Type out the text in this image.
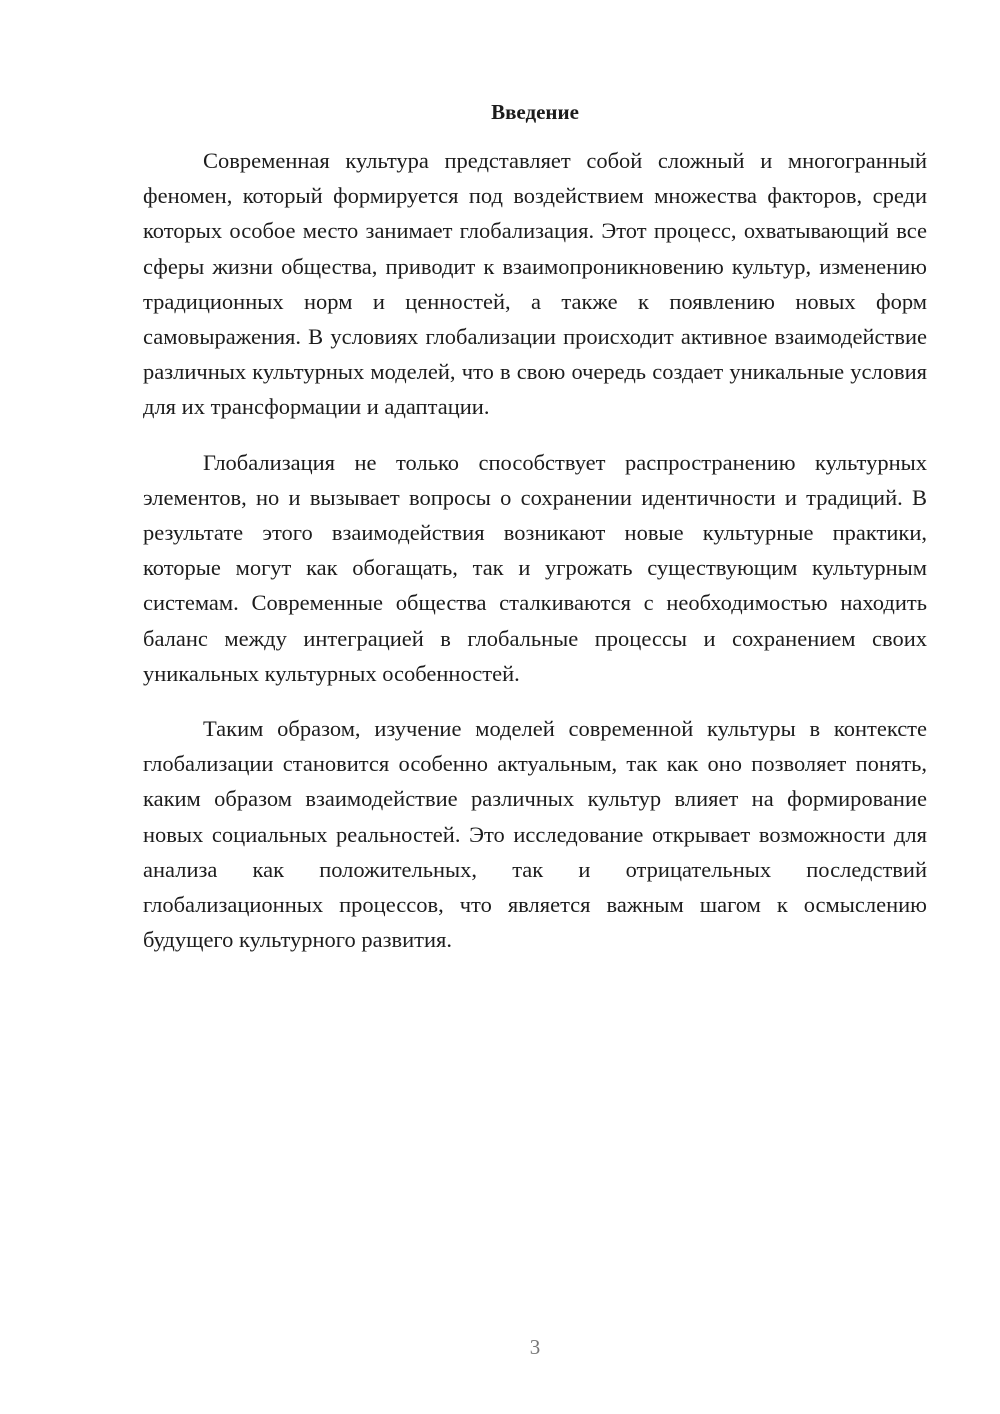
Введение

Современная культура представляет собой сложный и многогранный феномен, который формируется под воздействием множества факторов, среди которых особое место занимает глобализация. Этот процесс, охватывающий все сферы жизни общества, приводит к взаимопроникновению культур, изменению традиционных норм и ценностей, а также к появлению новых форм самовыражения. В условиях глобализации происходит активное взаимодействие различных культурных моделей, что в свою очередь создает уникальные условия для их трансформации и адаптации.

Глобализация не только способствует распространению культурных элементов, но и вызывает вопросы о сохранении идентичности и традиций. В результате этого взаимодействия возникают новые культурные практики, которые могут как обогащать, так и угрожать существующим культурным системам. Современные общества сталкиваются с необходимостью находить баланс между интеграцией в глобальные процессы и сохранением своих уникальных культурных особенностей.

Таким образом, изучение моделей современной культуры в контексте глобализации становится особенно актуальным, так как оно позволяет понять, каким образом взаимодействие различных культур влияет на формирование новых социальных реальностей. Это исследование открывает возможности для анализа как положительных, так и отрицательных последствий глобализационных процессов, что является важным шагом к осмыслению будущего культурного развития.

3
